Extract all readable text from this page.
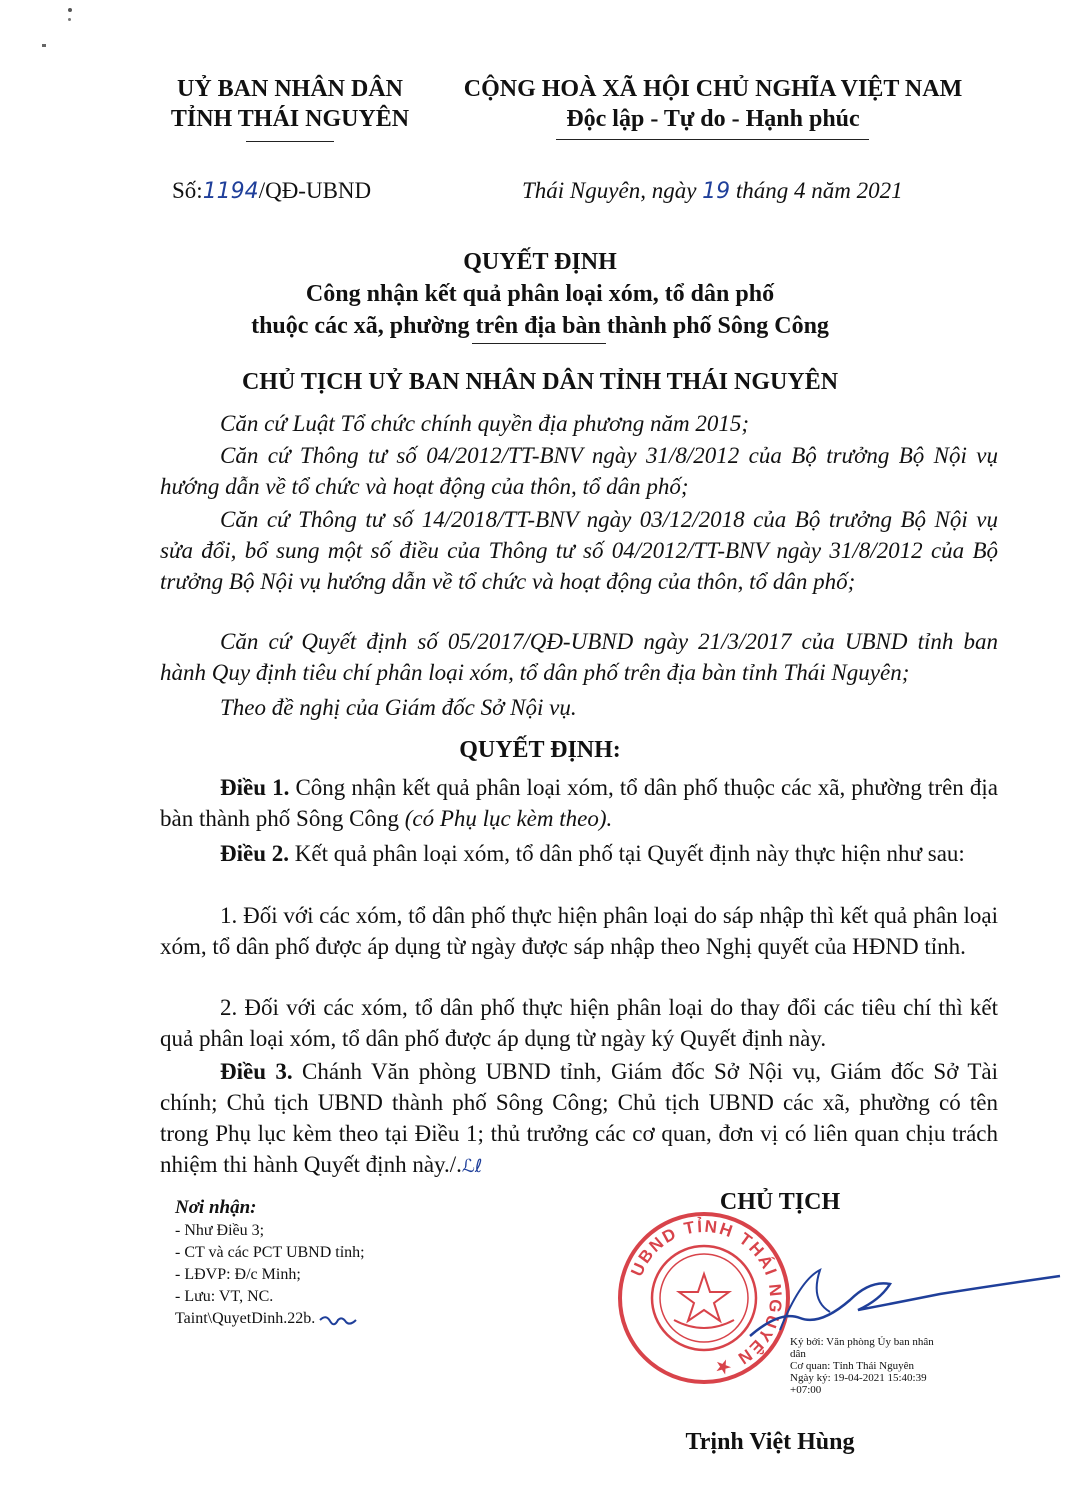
UỶ BAN NHÂN DÂN
TỈNH THÁI NGUYÊN
CỘNG HOÀ XÃ HỘI CHỦ NGHĨA VIỆT NAM
Độc lập - Tự do - Hạnh phúc
Số:1194/QĐ-UBND	Thái Nguyên, ngày 19 tháng 4 năm 2021
QUYẾT ĐỊNH
Công nhận kết quả phân loại xóm, tổ dân phố
thuộc các xã, phường trên địa bàn thành phố Sông Công
CHỦ TỊCH UỶ BAN NHÂN DÂN TỈNH THÁI NGUYÊN
Căn cứ Luật Tổ chức chính quyền địa phương năm 2015;
Căn cứ Thông tư số 04/2012/TT-BNV ngày 31/8/2012 của Bộ trưởng Bộ Nội vụ hướng dẫn về tổ chức và hoạt động của thôn, tổ dân phố;
Căn cứ Thông tư số 14/2018/TT-BNV ngày 03/12/2018 của Bộ trưởng Bộ Nội vụ sửa đổi, bổ sung một số điều của Thông tư số 04/2012/TT-BNV ngày 31/8/2012 của Bộ trưởng Bộ Nội vụ hướng dẫn về tổ chức và hoạt động của thôn, tổ dân phố;
Căn cứ Quyết định số 05/2017/QĐ-UBND ngày 21/3/2017 của UBND tỉnh ban hành Quy định tiêu chí phân loại xóm, tổ dân phố trên địa bàn tỉnh Thái Nguyên;
Theo đề nghị của Giám đốc Sở Nội vụ.
QUYẾT ĐỊNH:
Điều 1. Công nhận kết quả phân loại xóm, tổ dân phố thuộc các xã, phường trên địa bàn thành phố Sông Công (có Phụ lục kèm theo).
Điều 2. Kết quả phân loại xóm, tổ dân phố tại Quyết định này thực hiện như sau:
1. Đối với các xóm, tổ dân phố thực hiện phân loại do sáp nhập thì kết quả phân loại xóm, tổ dân phố được áp dụng từ ngày được sáp nhập theo Nghị quyết của HĐND tỉnh.
2. Đối với các xóm, tổ dân phố thực hiện phân loại do thay đổi các tiêu chí thì kết quả phân loại xóm, tổ dân phố được áp dụng từ ngày ký Quyết định này.
Điều 3. Chánh Văn phòng UBND tỉnh, Giám đốc Sở Nội vụ, Giám đốc Sở Tài chính; Chủ tịch UBND thành phố Sông Công; Chủ tịch UBND các xã, phường có tên trong Phụ lục kèm theo tại Điều 1; thủ trưởng các cơ quan, đơn vị có liên quan chịu trách nhiệm thi hành Quyết định này./.ℒℓ
Nơi nhận:
- Như Điều 3;
- CT và các PCT UBND tỉnh;
- LĐVP: Đ/c Minh;
- Lưu: VT, NC.
Taint\QuyetDinh.22b.
CHỦ TỊCH
UBND TỈNH THÁI NGUYÊN ★
Ký bởi: Văn phòng Ủy ban nhân dân
Cơ quan: Tỉnh Thái Nguyên
Ngày ký: 19-04-2021 15:40:39 +07:00
Trịnh Việt Hùng
